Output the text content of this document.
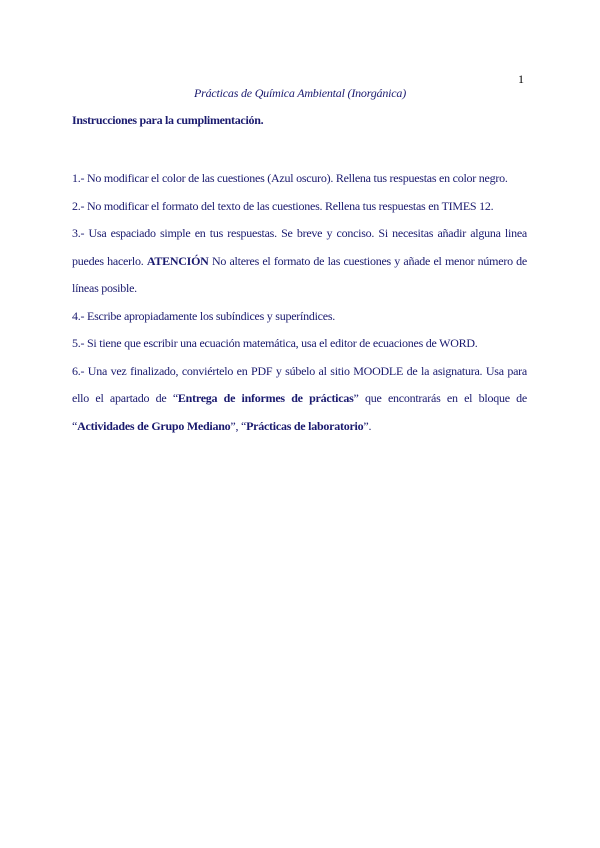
1
Prácticas de Química Ambiental (Inorgánica)
Instrucciones para la cumplimentación.

1.- No modificar el color de las cuestiones (Azul oscuro). Rellena tus respuestas en color negro.

2.- No modificar el formato del texto de las cuestiones. Rellena tus respuestas en TIMES 12.

3.- Usa espaciado simple en tus respuestas. Se breve y conciso. Si necesitas añadir alguna linea puedes hacerlo. ATENCIÓN No alteres el formato de las cuestiones y añade el menor número de líneas posible.

4.- Escribe apropiadamente los subíndices y superíndices.

5.- Si tiene que escribir una ecuación matemática, usa el editor de ecuaciones de WORD.

6.- Una vez finalizado, conviértelo en PDF y súbelo al sitio MOODLE de la asignatura. Usa para ello el apartado de “Entrega de informes de prácticas” que encontrarás en el bloque de “Actividades de Grupo Mediano”, “Prácticas de laboratorio”.
